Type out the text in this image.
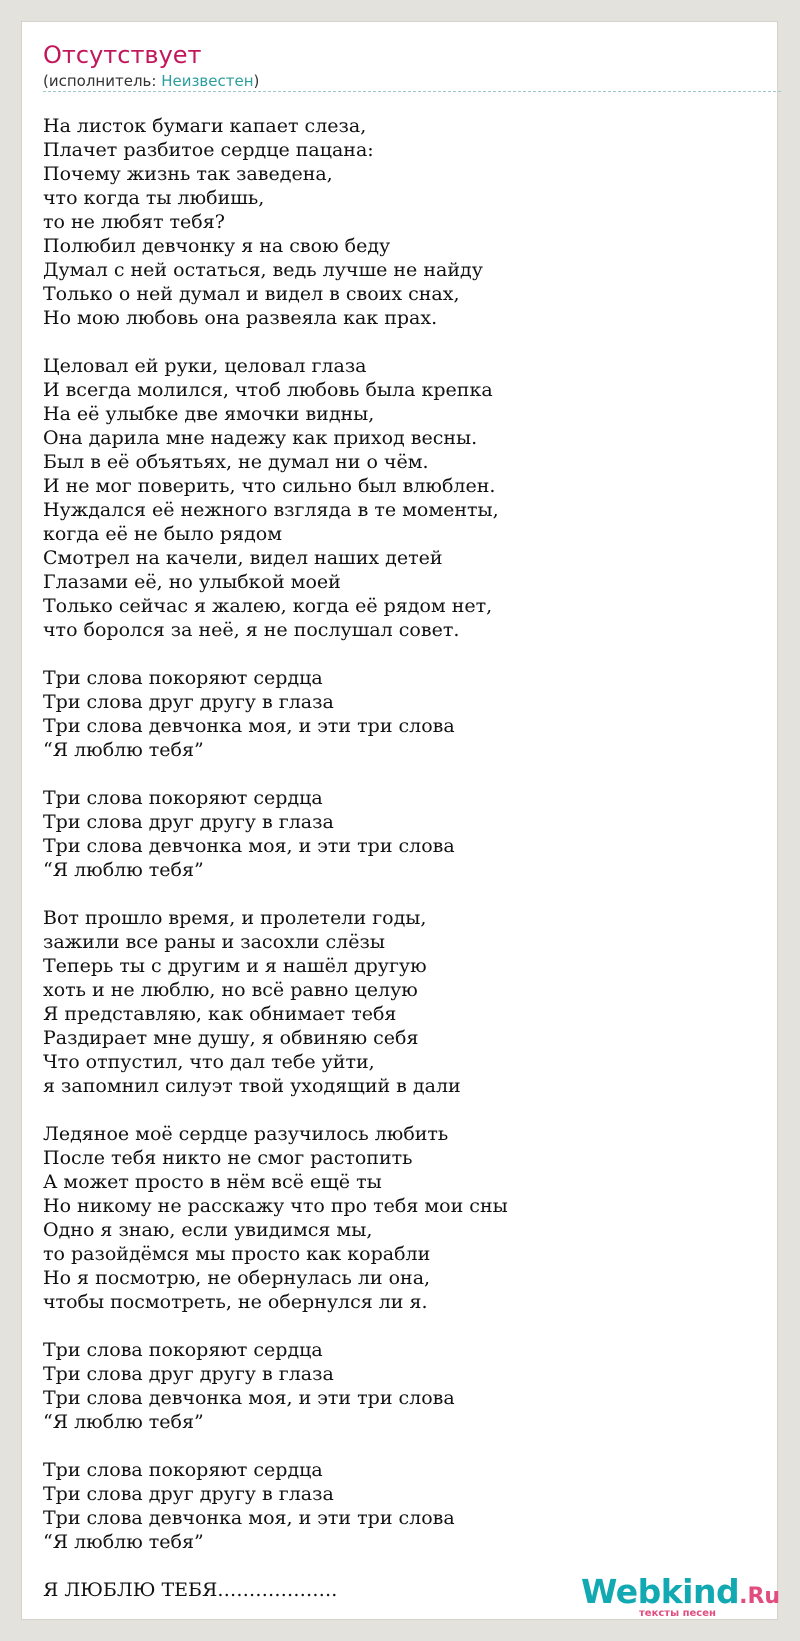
Отсутствует
(исполнитель: Неизвестен)
На листок бумаги капает слеза,
Плачет разбитое сердце пацана:
Почему жизнь так заведена,
что когда ты любишь,
то не любят тебя?
Полюбил девчонку я на свою беду
Думал с ней остаться, ведь лучше не найду
Только о ней думал и видел в своих снах,
Но мою любовь она развеяла как прах.
Целовал ей руки, целовал глаза
И всегда молился, чтоб любовь была крепка
На её улыбке две ямочки видны,
Она дарила мне надежу как приход весны.
Был в её объятьях, не думал ни о чём.
И не мог поверить, что сильно был влюблен.
Нуждался её нежного взгляда в те моменты,
когда её не было рядом
Смотрел на качели, видел наших детей
Глазами её, но улыбкой моей
Только сейчас я жалею, когда её рядом нет,
что боролся за неё, я не послушал совет.
Три слова покоряют сердца
Три слова друг другу в глаза
Три слова девчонка моя, и эти три слова
“Я люблю тебя”
Три слова покоряют сердца
Три слова друг другу в глаза
Три слова девчонка моя, и эти три слова
“Я люблю тебя”
Вот прошло время, и пролетели годы,
зажили все раны и засохли слёзы
Теперь ты с другим и я нашёл другую
хоть и не люблю, но всё равно целую
Я представляю, как обнимает тебя
Раздирает мне душу, я обвиняю себя
Что отпустил, что дал тебе уйти,
я запомнил силуэт твой уходящий в дали
Ледяное моё сердце разучилось любить
После тебя никто не смог растопить
А может просто в нём всё ещё ты
Но никому не расскажу что про тебя мои сны
Одно я знаю, если увидимся мы,
то разойдёмся мы просто как корабли
Но я посмотрю, не обернулась ли она,
чтобы посмотреть, не обернулся ли я.
Три слова покоряют сердца
Три слова друг другу в глаза
Три слова девчонка моя, и эти три слова
“Я люблю тебя”
Три слова покоряют сердца
Три слова друг другу в глаза
Три слова девчонка моя, и эти три слова
“Я люблю тебя”
Я ЛЮБЛЮ ТЕБЯ……………….	Webkind.Ru
тексты песен
